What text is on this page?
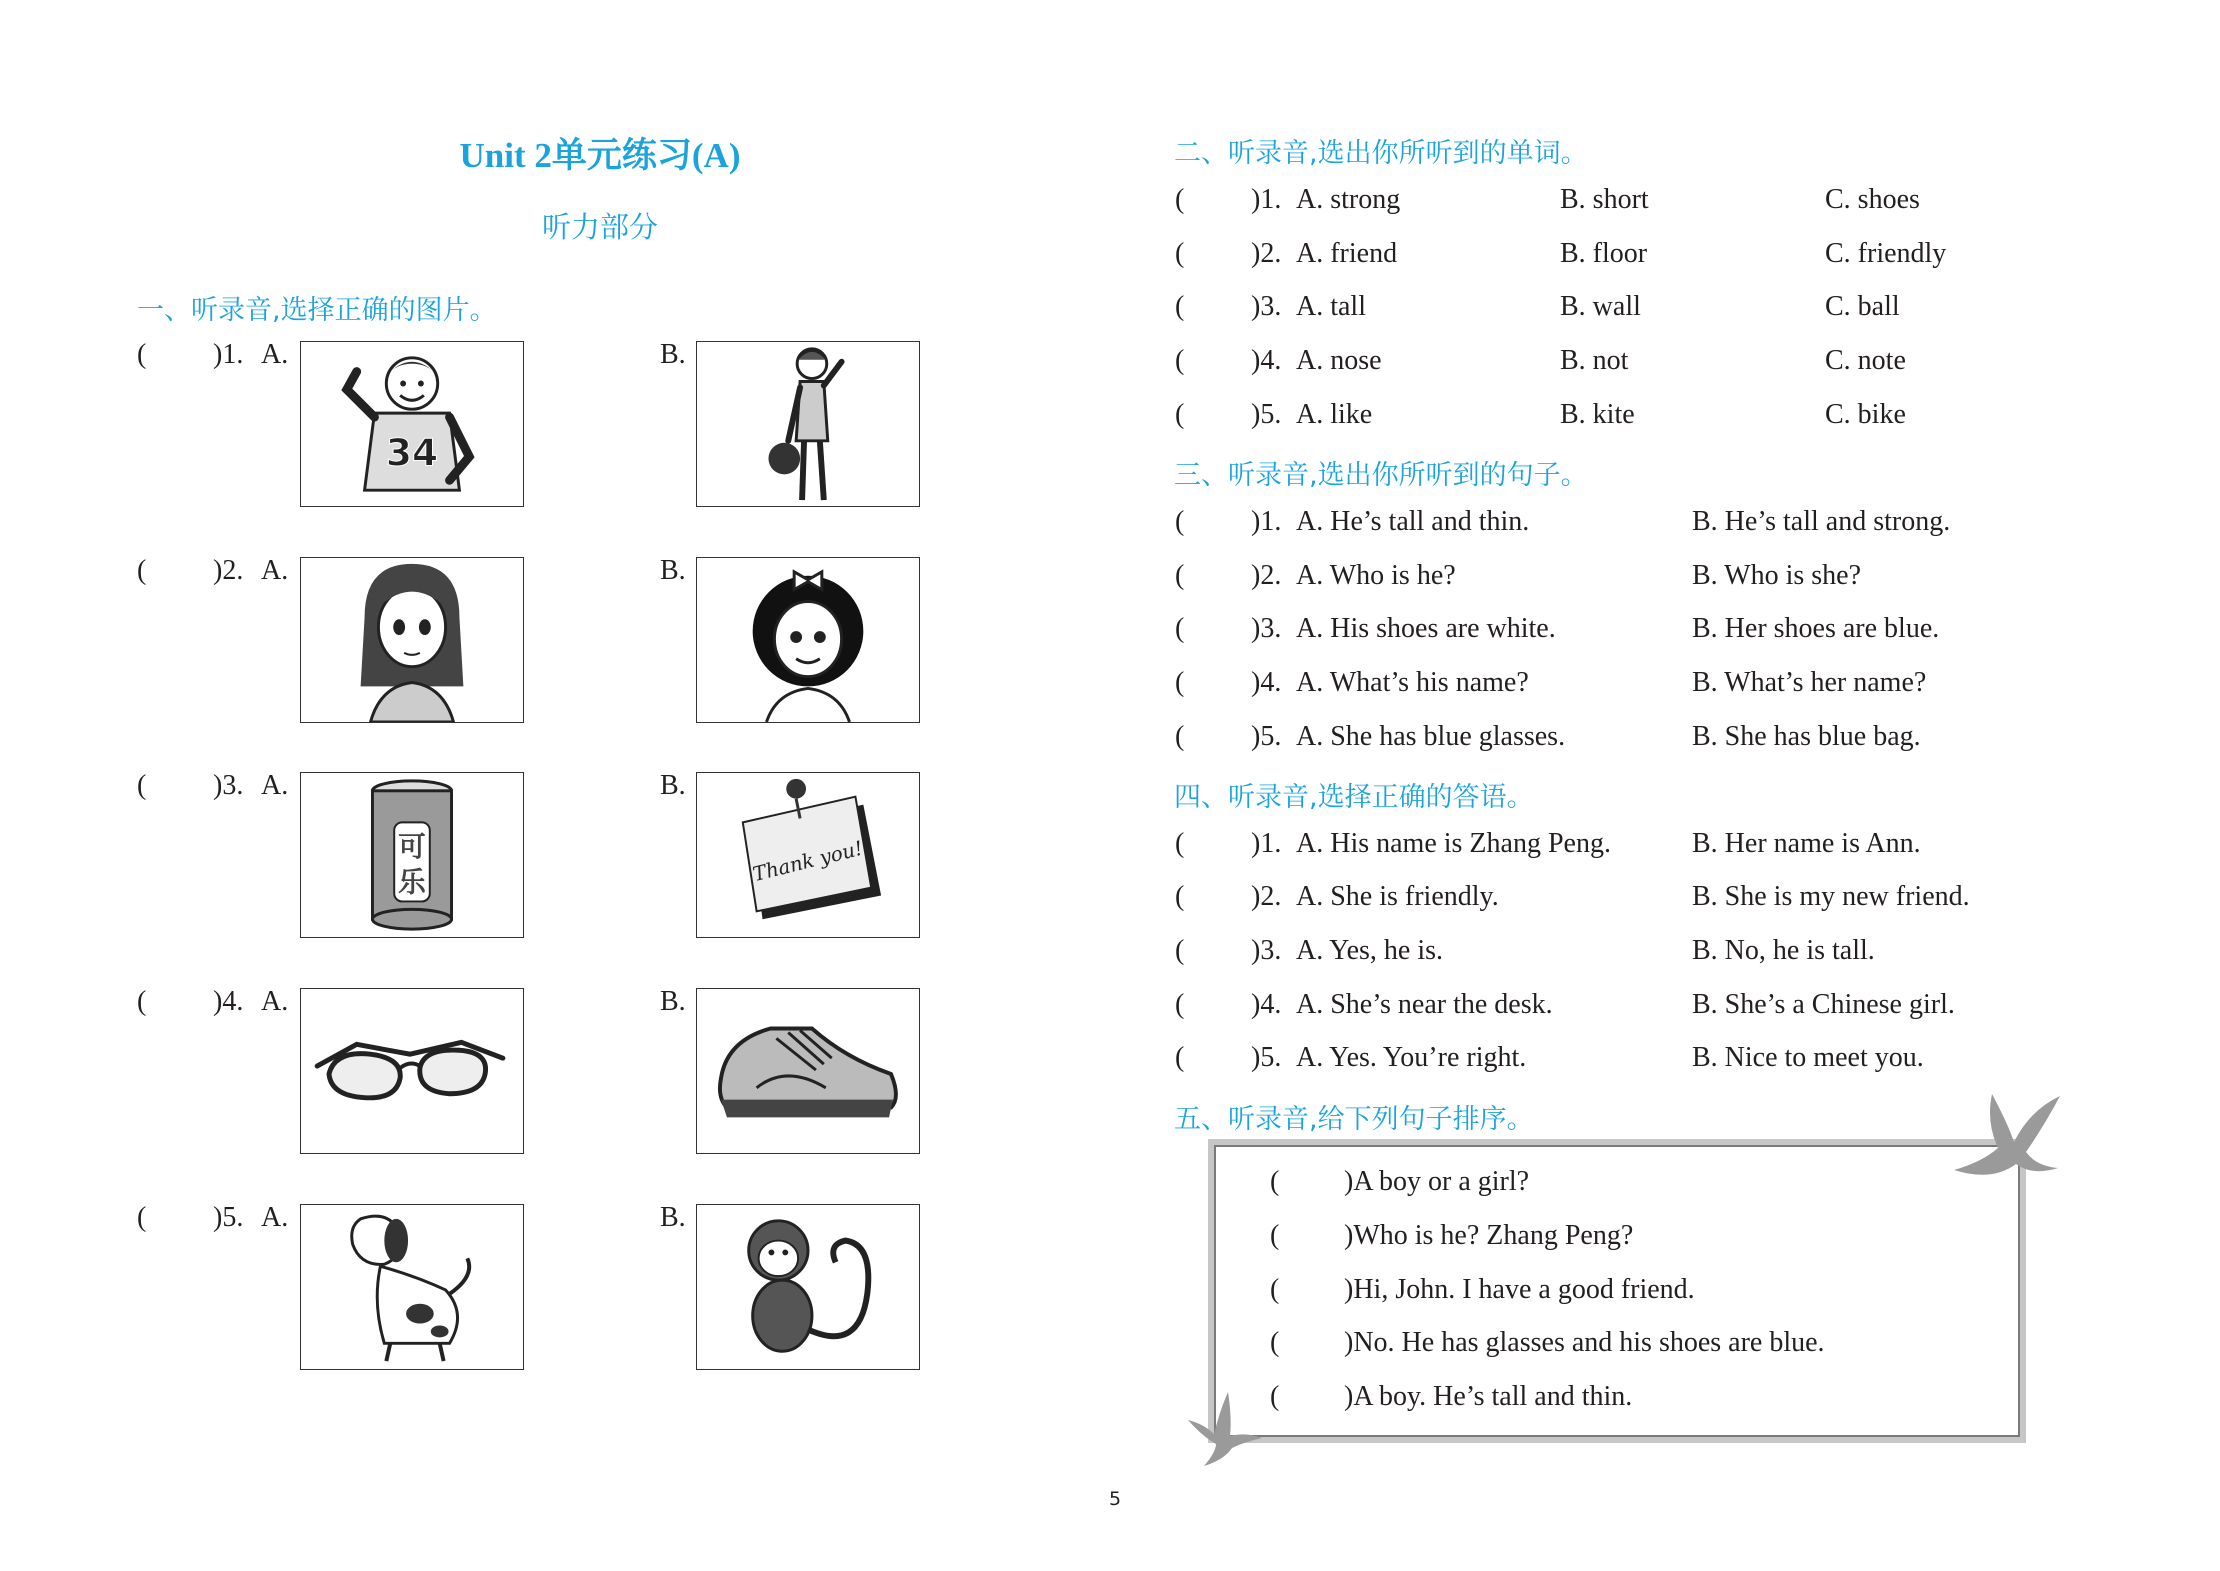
Unit 2单元练习(A)
听力部分
一、听录音,选择正确的图片。
( )1. A.
34
B.
( )2. A.	B.
( )3. A.
可
乐
B.
Thank you!
( )4. A.	B.
( )5. A.	B.
二、听录音,选出你所听到的单词。
( )1. A. strong	B. short	C. shoes
( )2. A. friend	B. floor	C. friendly
( )3. A. tall	B. wall	C. ball
( )4. A. nose	B. not	C. note
( )5. A. like	B. kite	C. bike
三、听录音,选出你所听到的句子。
( )1. A. He’s tall and thin.	B. He’s tall and strong.
( )2. A. Who is he?	B. Who is she?
( )3. A. His shoes are white.	B. Her shoes are blue.
( )4. A. What’s his name?	B. What’s her name?
( )5. A. She has blue glasses.	B. She has blue bag.
四、听录音,选择正确的答语。
( )1. A. His name is Zhang Peng.	B. Her name is Ann.
( )2. A. She is friendly.	B. She is my new friend.
( )3. A. Yes, he is.	B. No, he is tall.
( )4. A. She’s near the desk.	B. She’s a Chinese girl.
( )5. A. Yes. You’re right.	B. Nice to meet you.
五、听录音,给下列句子排序。
( )A boy or a girl?
( )Who is he? Zhang Peng?
( )Hi, John. I have a good friend.
( )No. He has glasses and his shoes are blue.
( )A boy. He’s tall and thin.
5
